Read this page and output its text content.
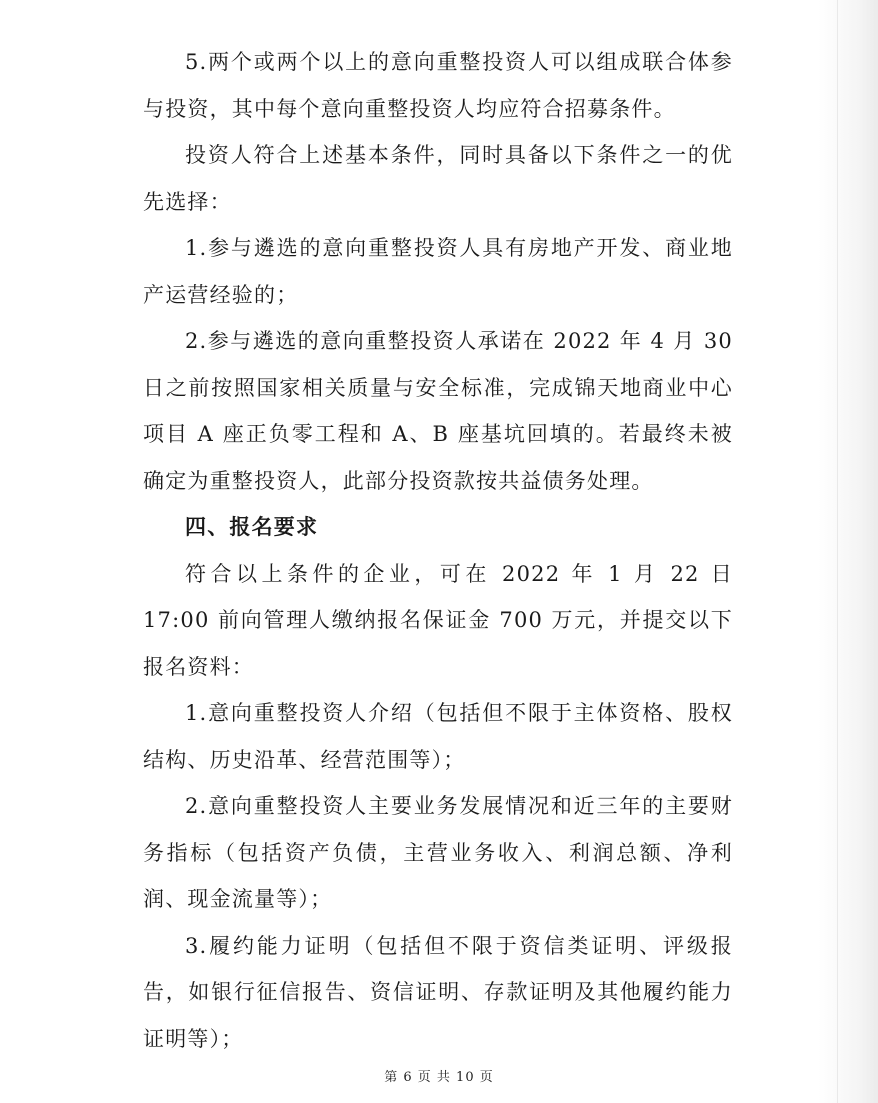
5.两个或两个以上的意向重整投资人可以组成联合体参与投资，其中每个意向重整投资人均应符合招募条件。

投资人符合上述基本条件，同时具备以下条件之一的优先选择：

1.参与遴选的意向重整投资人具有房地产开发、商业地产运营经验的；

2.参与遴选的意向重整投资人承诺在 2022 年 4 月 30 日之前按照国家相关质量与安全标准，完成锦天地商业中心项目 A 座正负零工程和 A、B 座基坑回填的。若最终未被确定为重整投资人，此部分投资款按共益债务处理。

四、报名要求

符合以上条件的企业，可在 2022 年 1 月 22 日 17:00 前向管理人缴纳报名保证金 700 万元，并提交以下报名资料：

1.意向重整投资人介绍（包括但不限于主体资格、股权结构、历史沿革、经营范围等）；

2.意向重整投资人主要业务发展情况和近三年的主要财务指标（包括资产负债，主营业务收入、利润总额、净利润、现金流量等）；

3.履约能力证明（包括但不限于资信类证明、评级报告，如银行征信报告、资信证明、存款证明及其他履约能力证明等）；

第 6 页 共 10 页
